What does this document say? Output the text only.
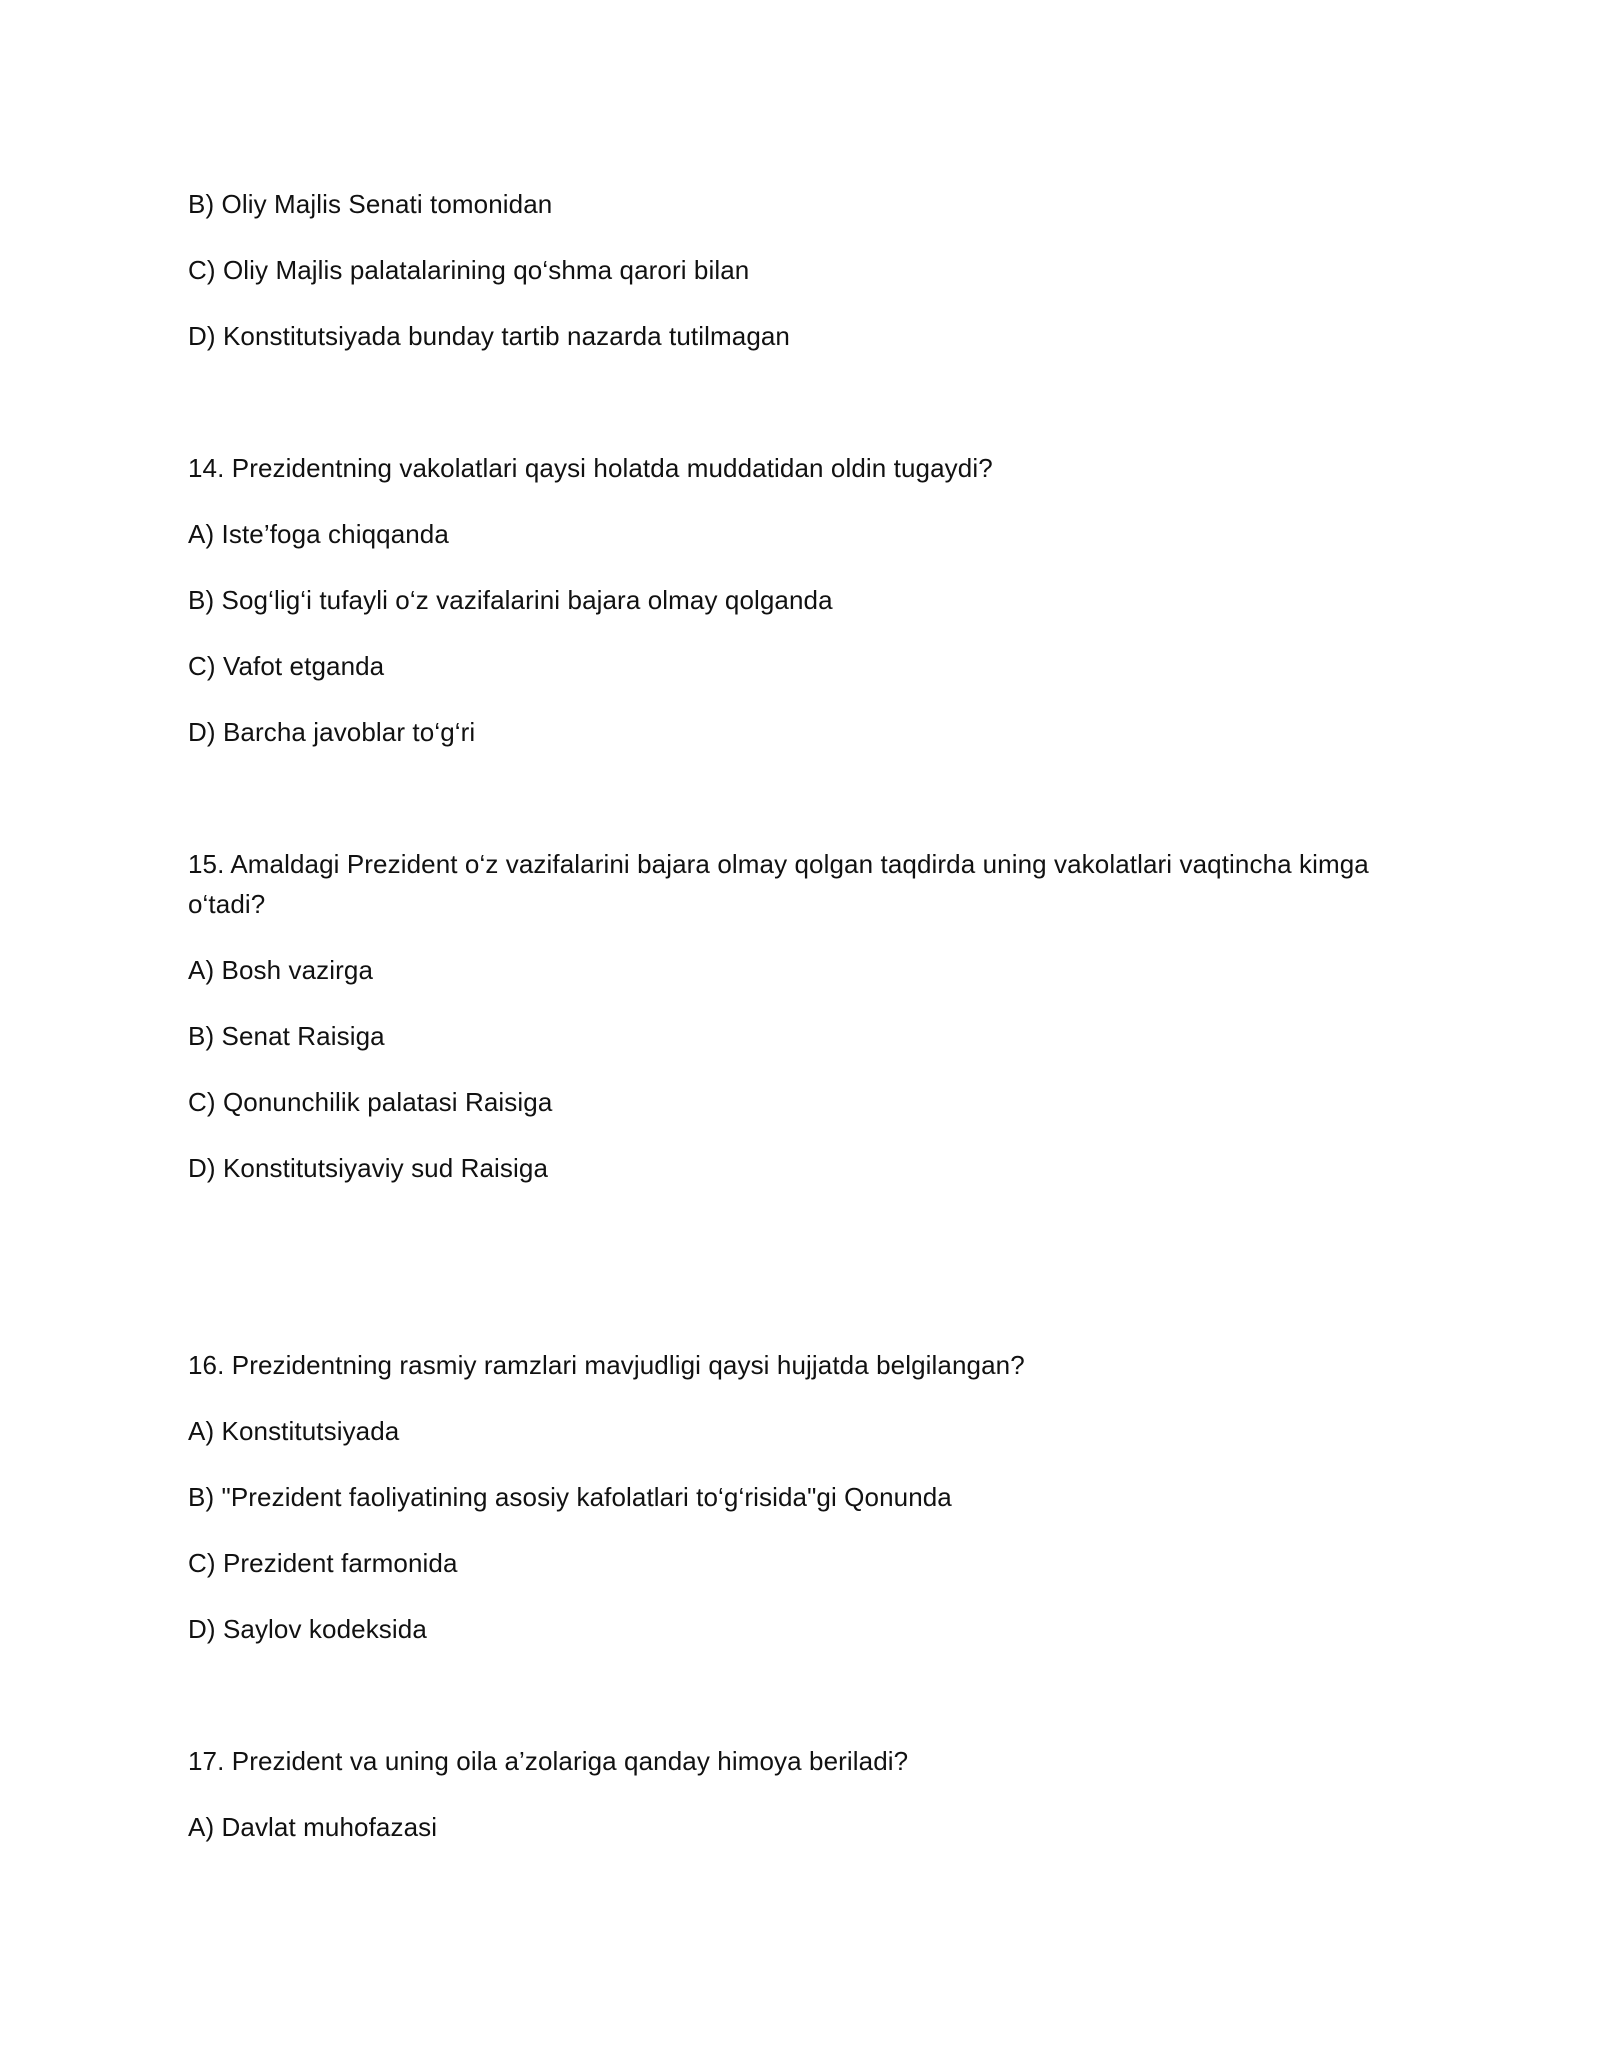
B) Oliy Majlis Senati tomonidan
C) Oliy Majlis palatalarining qo‘shma qarori bilan
D) Konstitutsiyada bunday tartib nazarda tutilmagan
14. Prezidentning vakolatlari qaysi holatda muddatidan oldin tugaydi?
A) Iste’foga chiqqanda
B) Sog‘lig‘i tufayli o‘z vazifalarini bajara olmay qolganda
C) Vafot etganda
D) Barcha javoblar to‘g‘ri
15. Amaldagi Prezident o‘z vazifalarini bajara olmay qolgan taqdirda uning vakolatlari vaqtincha kimga
o‘tadi?
A) Bosh vazirga
B) Senat Raisiga
C) Qonunchilik palatasi Raisiga
D) Konstitutsiyaviy sud Raisiga
16. Prezidentning rasmiy ramzlari mavjudligi qaysi hujjatda belgilangan?
A) Konstitutsiyada
B) "Prezident faoliyatining asosiy kafolatlari to‘g‘risida"gi Qonunda
C) Prezident farmonida
D) Saylov kodeksida
17. Prezident va uning oila a’zolariga qanday himoya beriladi?
A) Davlat muhofazasi
